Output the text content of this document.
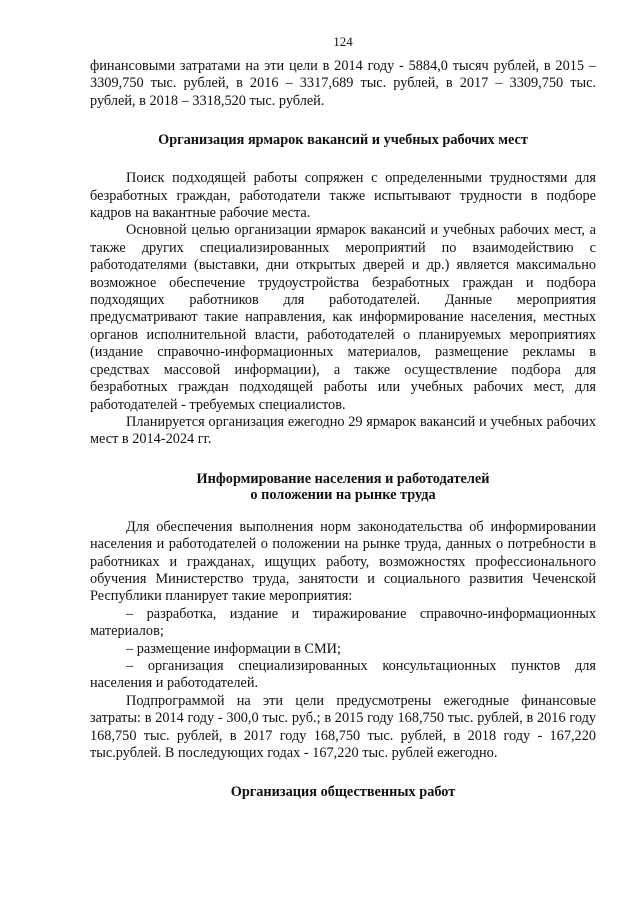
124

финансовыми затратами на эти цели в 2014 году - 5884,0 тысяч рублей, в 2015 – 3309,750 тыс. рублей, в 2016 – 3317,689 тыс. рублей, в 2017 – 3309,750 тыс. рублей, в 2018 – 3318,520 тыс. рублей.

Организация ярмарок вакансий и учебных рабочих мест

Поиск подходящей работы сопряжен с определенными трудностями для безработных граждан, работодатели также испытывают трудности в подборе кадров на вакантные рабочие места.

Основной целью организации ярмарок вакансий и учебных рабочих мест, а также других специализированных мероприятий по взаимодействию с работодателями (выставки, дни открытых дверей и др.) является максимально возможное обеспечение трудоустройства безработных граждан и подбора подходящих работников для работодателей. Данные мероприятия предусматривают такие направления, как информирование населения, местных органов исполнительной власти, работодателей о планируемых мероприятиях (издание справочно-информационных материалов, размещение рекламы в средствах массовой информации), а также осуществление подбора для безработных граждан подходящей работы или учебных рабочих мест, для работодателей - требуемых специалистов.

Планируется организация ежегодно 29 ярмарок вакансий и учебных рабочих мест в 2014-2024 гг.

Информирование населения и работодателей
о положении на рынке труда

Для обеспечения выполнения норм законодательства об информировании населения и работодателей о положении на рынке труда, данных о потребности в работниках и гражданах, ищущих работу, возможностях профессионального обучения Министерство труда, занятости и социального развития Чеченской Республики планирует такие мероприятия:

– разработка, издание и тиражирование справочно-информационных материалов;

– размещение информации в СМИ;

– организация специализированных консультационных пунктов для населения и работодателей.

Подпрограммой на эти цели предусмотрены ежегодные финансовые затраты: в 2014 году - 300,0 тыс. руб.; в 2015 году 168,750 тыс. рублей, в 2016 году 168,750 тыс. рублей, в 2017 году 168,750 тыс. рублей, в 2018 году - 167,220 тыс.рублей. В последующих годах - 167,220 тыс. рублей ежегодно.

Организация общественных работ
